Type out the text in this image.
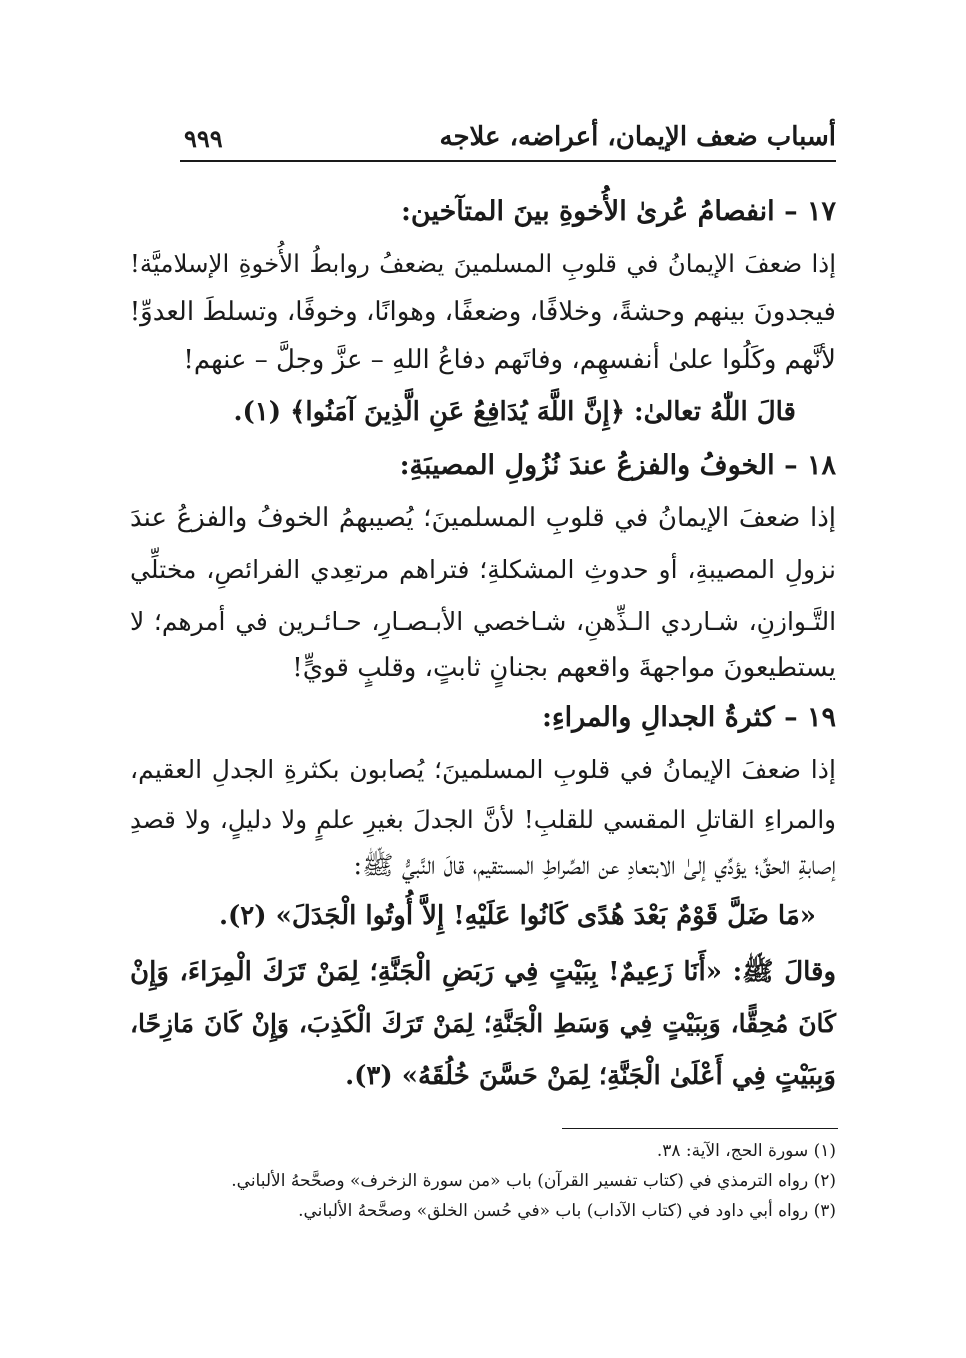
أسباب ضعف الإيمان، أعراضه، علاجه
٩٩٩
١٧ – انفصامُ عُرىٰ الأُخوةِ بينَ المتآخين:
إذا ضعفَ الإيمانُ في قلوبِ المسلمينَ يضعفُ روابطُ الأُخوةِ الإسلاميَّة!
فيجدونَ بينهم وحشةً، وخلافًا، وضعفًا، وهوانًا، وخوفًا، وتسلطَ العدوِّ!
لأنَّهم وكَلُوا علىٰ أنفسهِم، وفاتَهم دفاعُ اللهِ – عزَّ وجلَّ – عنهم!
قالَ اللّٰهُ تعالىٰ: ﴿إِنَّ اللَّهَ يُدَافِعُ عَنِ الَّذِينَ آمَنُوا﴾ (١).
١٨ – الخوفُ والفزعُ عندَ نُزُولِ المصيبَةِ:
إذا ضعفَ الإيمانُ في قلوبِ المسلمينَ؛ يُصيبهمُ الخوفُ والفزعُ عندَ
نزولِ المصيبةِ، أو حدوثِ المشكلةِ؛ فتراهم مرتعِدي الفرائصِ، مختلِّي
التَّـوازنِ، شـاردي الـذِّهنِ، شـاخصي الأبـصـارِ، حـائـرين في أمرهم؛ لا
يستطيعونَ مواجهةَ واقعهم بجنانٍ ثابتٍ، وقلبٍ قويٍّ!
١٩ – كثرةُ الجدالِ والمراءِ:
إذا ضعفَ الإيمانُ في قلوبِ المسلمينَ؛ يُصابون بكثرةِ الجدلِ العقيم،
والمراءِ القاتلِ المقسي للقلبِ! لأنَّ الجدلَ بغيرِ علمٍ ولا دليلٍ، ولا قصدِ
إصابةِ الحقِّ؛ يؤدِّي إلىٰ الابتعادِ عن الصِّراطِ المستقيم، قالَ النَّبيُّ ﷺ:
«مَا ضَلَّ قَوْمٌ بَعْدَ هُدًى كَانُوا عَلَيْهِ! إِلاَّ أُوتُوا الْجَدَلَ» (٢).
وقالَ ﷺ: «أَنَا زَعِيمٌ! بِبَيْتٍ فِي رَبَضِ الْجَنَّةِ؛ لِمَنْ تَرَكَ الْمِرَاءَ، وَإِنْ
كَانَ مُحِقًّا، وَبِبَيْتٍ فِي وَسَطِ الْجَنَّةِ؛ لِمَنْ تَرَكَ الْكَذِبَ، وَإِنْ كَانَ مَازِحًا،
وَبِبَيْتٍ فِي أَعْلَىٰ الْجَنَّةِ؛ لِمَنْ حَسَّنَ خُلُقَهُ» (٣).
(١) سورة الحج، الآية: ٣٨.
(٢) رواه الترمذي في (كتاب تفسير القرآن) باب «من سورة الزخرف» وصحَّحهُ الألباني.
(٣) رواه أبي داود في (كتاب الآداب) باب «في حُسن الخلق» وصحَّحهُ الألباني.
